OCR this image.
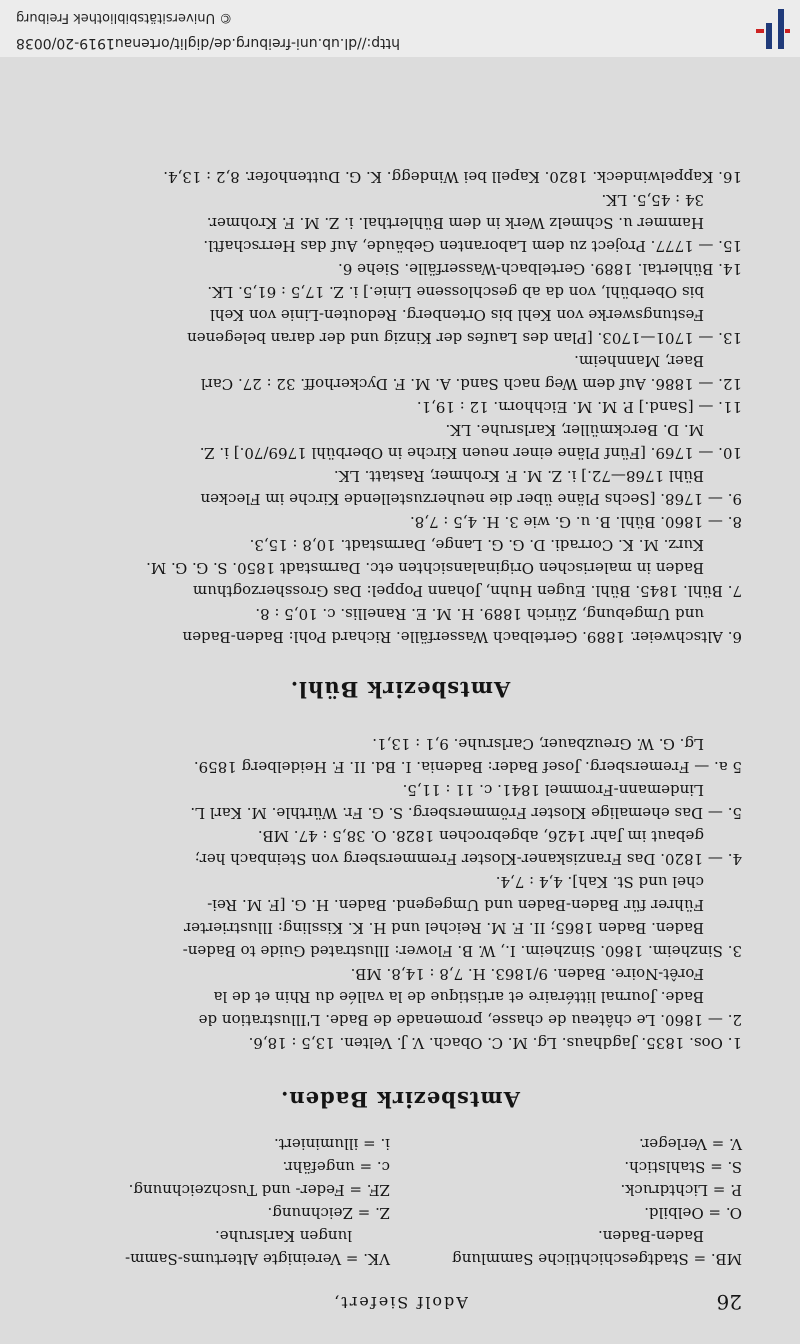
http://dl.ub.uni-freiburg.de/diglit/ortenau1919-20/0038
© Universitätsbibliothek Freiburg
26
Adolf Siefert,
MB. = Stadtgeschichtliche Sammlung
VK. = Vereinigte Altertums-Samm-
Baden-Baden.
lungen Karlsruhe.
O. = Oelbild.
Z. = Zeichnung.
P. = Lichtdruck.
ZF. = Feder- und Tuschzeichnung.
S. = Stahlstich.
c. = ungefähr.
V. = Verleger.
i. = illuminiert.
Amtsbezirk Baden.
1. Oos. 1835. Jagdhaus. Lg. M. C. Obach. V. J. Velten. 13,5 : 18,6.
2. — 1860. Le château de chasse, promenade de Bade. L'Illustration de
Bade. Journal littéraire et artistique de la vallée du Rhin et de la
Forêt-Noire. Baden. 9/1863. H. 7,8 : 14,8. MB.
3. Sinzheim. 1860. Sinzheim. I., W. B. Flower: Illustrated Guide to Baden-
Baden. Baden 1865; II. F. M. Reichel und H. K. Kissling: Illustrierter
Führer für Baden-Baden und Umgegend. Baden. H. G. [F. M. Rei-
chel und St. Kah]. 4,4 : 7,4.
4. — 1820. Das Franziskaner-Kloster Fremmersberg von Steinbach her;
gebaut im Jahr 1426, abgebrochen 1828. O. 38,5 : 47. MB.
5. — Das ehemalige Kloster Frömmersberg. S. G. Fr. Würthle. M. Karl L.
Lindemann-Frommel 1841. c. 11 : 11,5.
5 a. — Fremersberg. Josef Bader: Badenia. I. Bd. II. F. Heidelberg 1859.
Lg. G. W. Greuzbauer, Carlsruhe. 9,1 : 13,1.
Amtsbezirk Bühl.
6. Altschweier. 1889. Gertelbach Wasserfälle. Richard Pohl: Baden-Baden
und Umgebung, Zürich 1889. H. M. E. Ranellis. c. 10,5 : 8.
7. Bühl. 1845. Bühl. Eugen Huhn, Johann Poppel: Das Grossherzogthum
Baden in malerischen Originalansichten etc. Darmstadt 1850. S. G. G. M.
Kurz. M. K. Corradi. D. G. G. Lange, Darmstadt. 10,8 : 15,3.
8. — 1860. Bühl. B. u. G. wie 3. H. 4,5 : 7,8.
9. — 1768. [Sechs Pläne über die neuherzustellende Kirche im Flecken
Bühl 1768—72.] i. Z. M. F. Krohmer, Rastatt. LK.
10. — 1769. [Fünf Pläne einer neuen Kirche in Oberbühl 1769/70.] i. Z.
M. D. Berckmüller, Karlsruhe. LK.
11. — [Sand.] P. M. M. Eichhorn. 12 : 19,1.
12. — 1886. Auf dem Weg nach Sand. A. M. F. Dyckerhoff. 32 : 27. Carl
Baer, Mannheim.
13. — 1701—1703. [Plan des Laufes der Kinzig und der daran belegenen
Festungswerke von Kehl bis Ortenberg. Redouten-Linie von Kehl
bis Oberbühl, von da ab geschlossene Linie.] i. Z. 17,5 : 61,5. LK.
14. Bühlertal. 1889. Gertelbach-Wasserfälle. Siehe 6.
15. — 1777. Project zu dem Laboranten Gebäude, Auf das Herrschaftl.
Hammer u. Schmelz Werk in dem Bühlerthal. i. Z. M. F. Krohmer.
34 : 45,5. LK.
16. Kappelwindeck. 1820. Kapell bei Windegg. K. G. Duttenhofer. 8,2 : 13,4.
